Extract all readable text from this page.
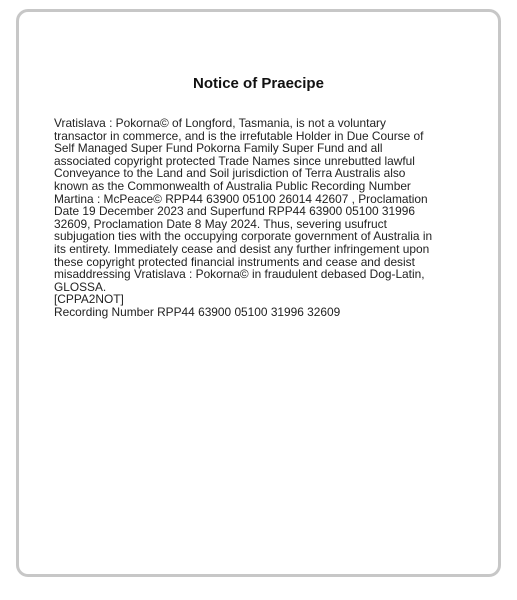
Notice of Praecipe
Vratislava : Pokorna© of Longford, Tasmania, is not a voluntary
transactor in commerce, and is the irrefutable Holder in Due Course of
Self Managed Super Fund Pokorna Family Super Fund and all
associated copyright protected Trade Names since unrebutted lawful
Conveyance to the Land and Soil jurisdiction of Terra Australis also
known as the Commonwealth of Australia Public Recording Number
Martina : McPeace© RPP44 63900 05100 26014 42607 , Proclamation
Date 19 December 2023 and Superfund RPP44 63900 05100 31996
32609, Proclamation Date 8 May 2024. Thus, severing usufruct
subjugation ties with the occupying corporate government of Australia in
its entirety. Immediately cease and desist any further infringement upon
these copyright protected financial instruments and cease and desist
misaddressing Vratislava : Pokorna© in fraudulent debased Dog-Latin,
GLOSSA.
[CPPA2NOT]
Recording Number RPP44 63900 05100 31996 32609
